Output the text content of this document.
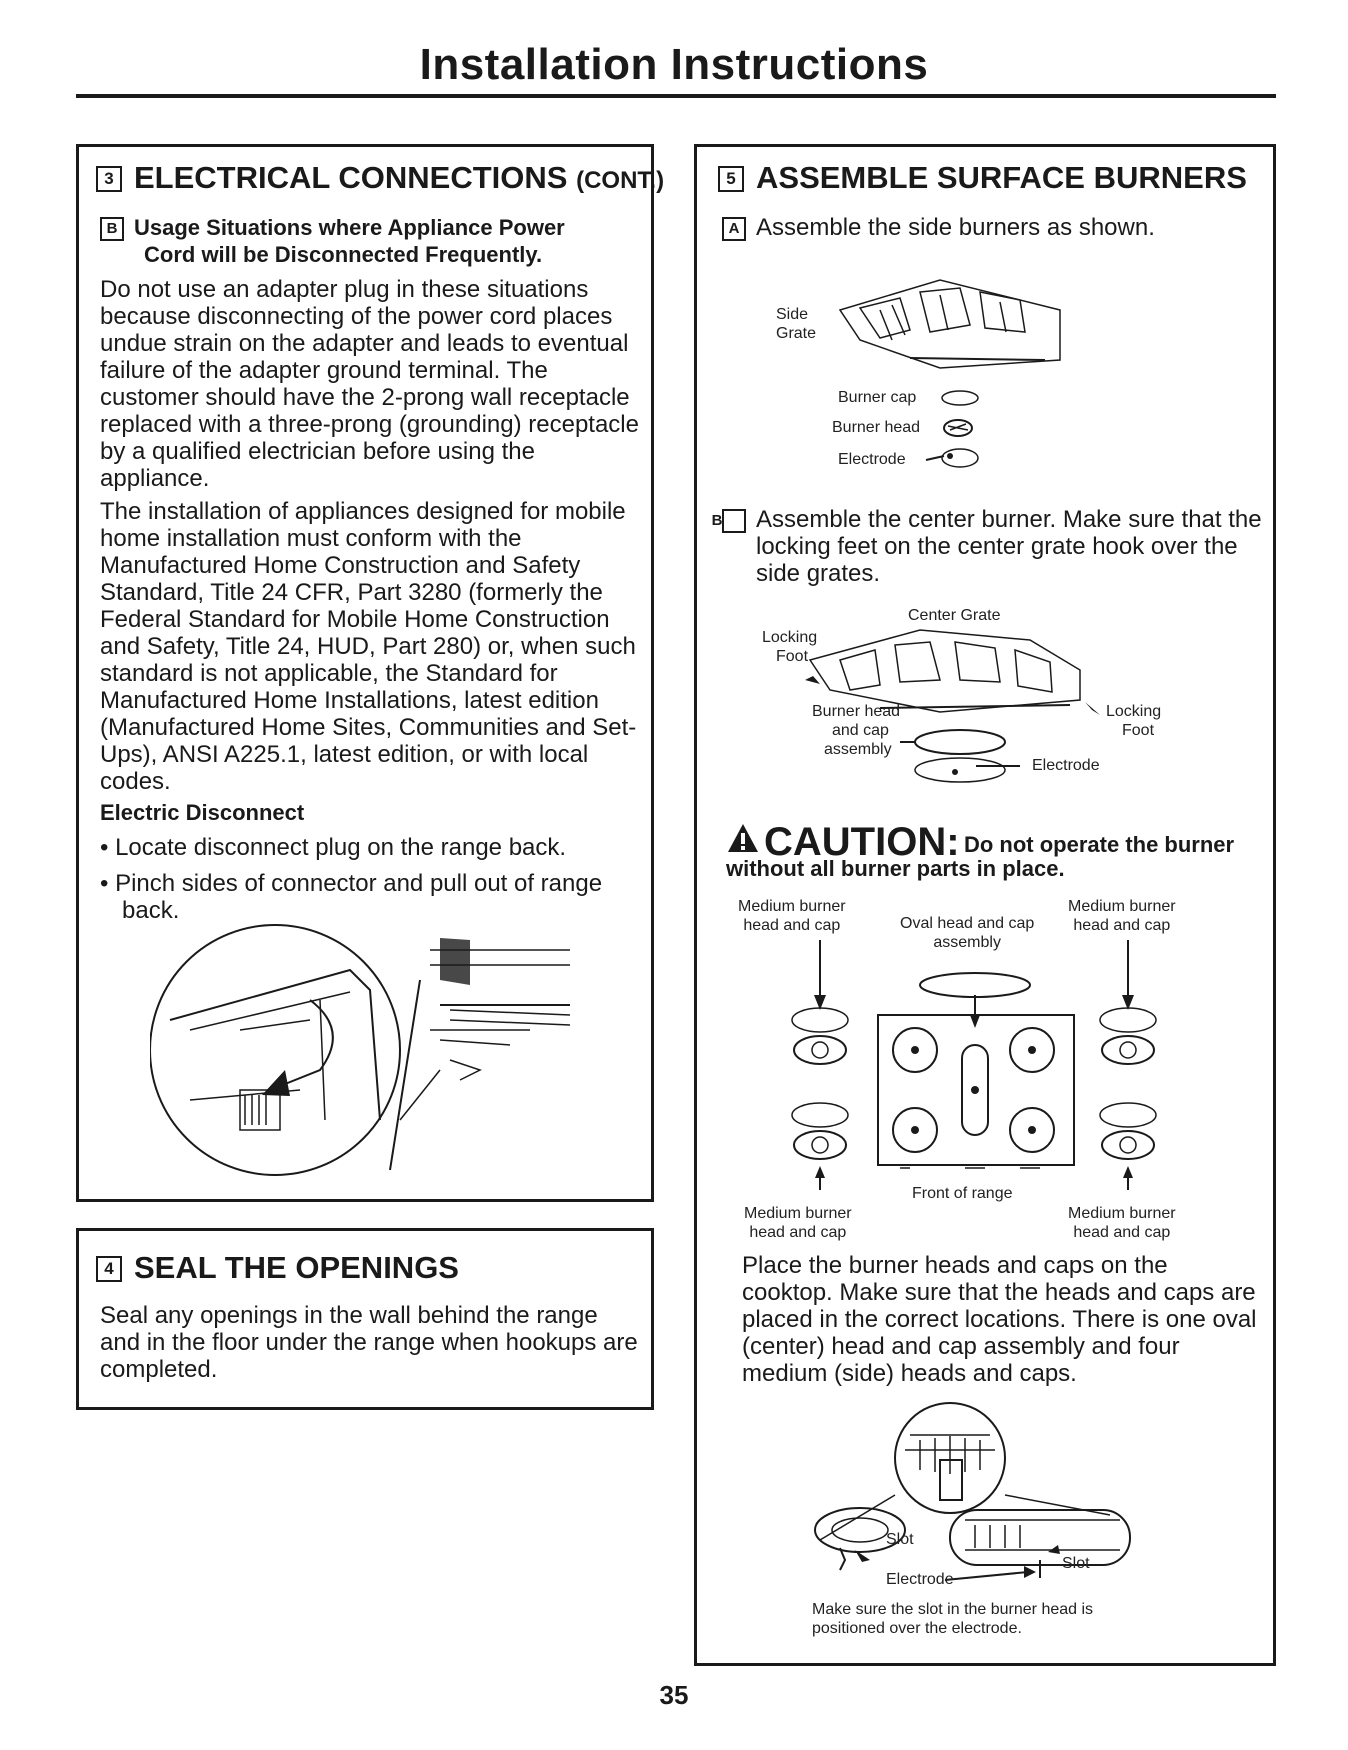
Installation Instructions
3 ELECTRICAL CONNECTIONS (CONT.)
B Usage Situations where Appliance Power
Cord will be Disconnected Frequently.
Do not use an adapter plug in these situations because disconnecting of the power cord places undue strain on the adapter and leads to eventual failure of the adapter ground terminal. The customer should have the 2-prong wall receptacle replaced with a three-prong (grounding) receptacle by a qualified electrician before using the appliance.
The installation of appliances designed for mobile home installation must conform with the Manufactured Home Construction and Safety Standard, Title 24 CFR, Part 3280 (formerly the Federal Standard for Mobile Home Construction and Safety, Title 24, HUD, Part 280) or, when such standard is not applicable, the Standard for Manufactured Home Installations, latest edition (Manufactured Home Sites, Communities and Set-Ups), ANSI A225.1, latest edition, or with local codes.
Electric Disconnect
• Locate disconnect plug on the range back.
• Pinch sides of connector and pull out of range back.
4 SEAL THE OPENINGS
Seal any openings in the wall behind the range and in the floor under the range when hookups are completed.
5 ASSEMBLE SURFACE BURNERS
A Assemble the side burners as shown.
Side
Grate
Burner cap
Burner head
Electrode
B Assemble the center burner. Make sure that the locking feet on the center grate hook over the side grates.
Center Grate
Locking
Foot
Burner head
and cap
assembly
Locking
Foot
Electrode
CAUTION: Do not operate the burner
without all burner parts in place.
Medium burner
head and cap	Oval head and cap
assembly
Medium burner
head and cap
Front of range
Medium burner
head and cap
Medium burner
head and cap
Place the burner heads and caps on the cooktop. Make sure that the heads and caps are placed in the correct locations. There is one oval (center) head and cap assembly and four medium (side) heads and caps.
Slot
Slot
Electrode
Make sure the slot in the burner head is
positioned over the electrode.
35
